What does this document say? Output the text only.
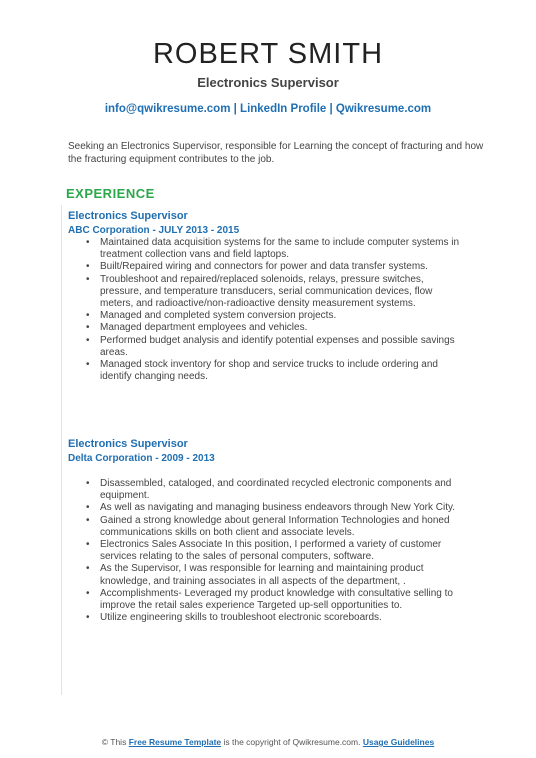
ROBERT SMITH
Electronics Supervisor
info@qwikresume.com | LinkedIn Profile | Qwikresume.com
Seeking an Electronics Supervisor, responsible for Learning the concept of fracturing and how the fracturing equipment contributes to the job.
EXPERIENCE
Electronics Supervisor
ABC Corporation - JULY 2013 - 2015
• Maintained data acquisition systems for the same to include computer systems in treatment collection vans and field laptops.
• Built/Repaired wiring and connectors for power and data transfer systems.
• Troubleshoot and repaired/replaced solenoids, relays, pressure switches, pressure, and temperature transducers, serial communication devices, flow meters, and radioactive/non-radioactive density measurement systems.
• Managed and completed system conversion projects.
• Managed department employees and vehicles.
• Performed budget analysis and identify potential expenses and possible savings areas.
• Managed stock inventory for shop and service trucks to include ordering and identify changing needs.
Electronics Supervisor
Delta Corporation - 2009 - 2013
• Disassembled, cataloged, and coordinated recycled electronic components and equipment.
• As well as navigating and managing business endeavors through New York City.
• Gained a strong knowledge about general Information Technologies and honed communications skills on both client and associate levels.
• Electronics Sales Associate In this position, I performed a variety of customer services relating to the sales of personal computers, software.
• As the Supervisor, I was responsible for learning and maintaining product knowledge, and training associates in all aspects of the department, .
• Accomplishments- Leveraged my product knowledge with consultative selling to improve the retail sales experience Targeted up-sell opportunities to.
• Utilize engineering skills to troubleshoot electronic scoreboards.
© This Free Resume Template is the copyright of Qwikresume.com. Usage Guidelines
